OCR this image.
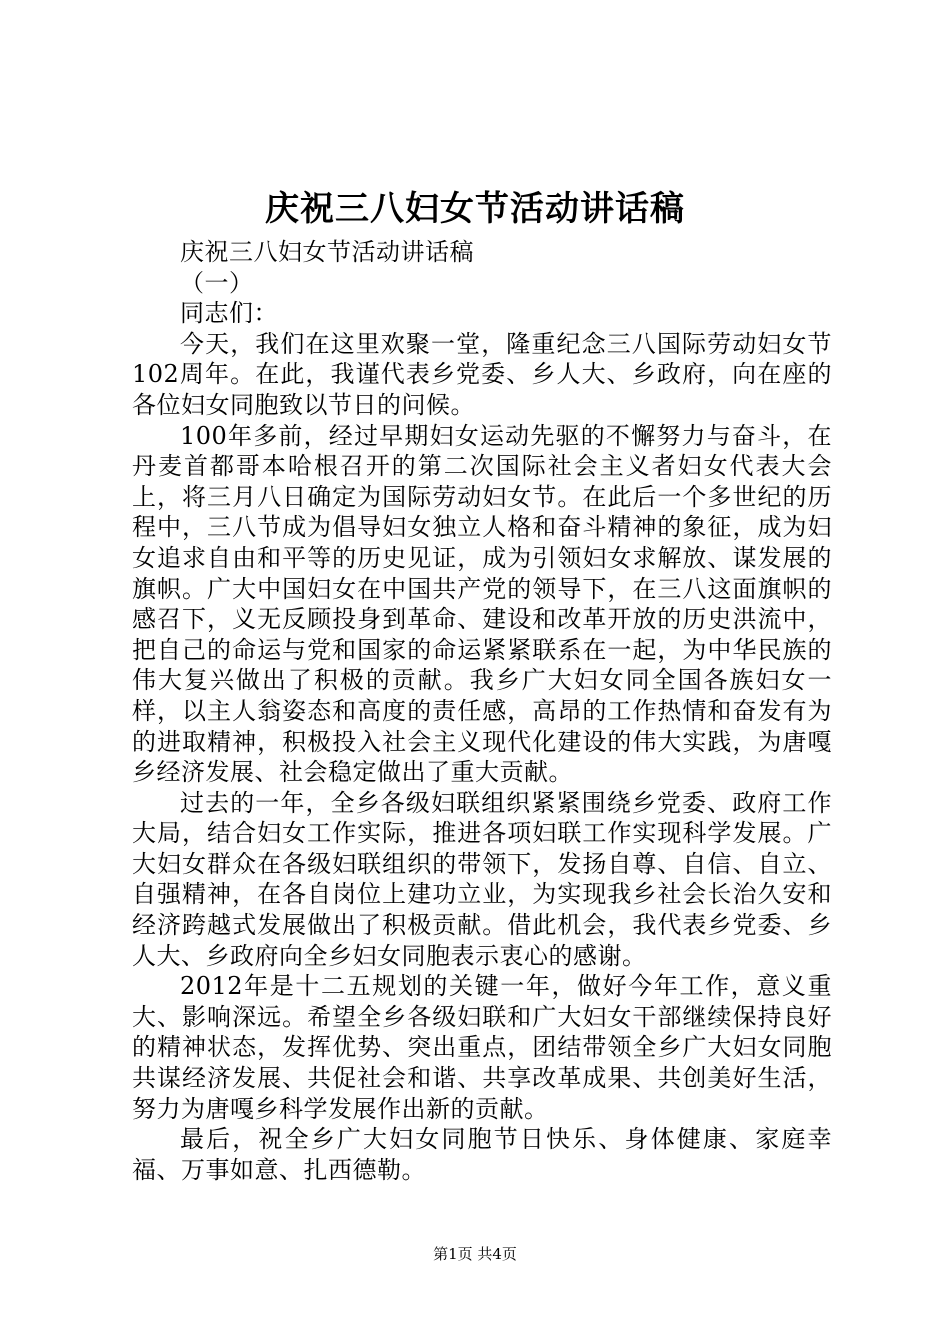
庆祝三八妇女节活动讲话稿

庆祝三八妇女节活动讲话稿

（一）

同志们：

今天，我们在这里欢聚一堂，隆重纪念三八国际劳动妇女节102周年。在此，我谨代表乡党委、乡人大、乡政府，向在座的各位妇女同胞致以节日的问候。

100年多前，经过早期妇女运动先驱的不懈努力与奋斗，在丹麦首都哥本哈根召开的第二次国际社会主义者妇女代表大会上，将三月八日确定为国际劳动妇女节。在此后一个多世纪的历程中，三八节成为倡导妇女独立人格和奋斗精神的象征，成为妇女追求自由和平等的历史见证，成为引领妇女求解放、谋发展的旗帜。广大中国妇女在中国共产党的领导下，在三八这面旗帜的感召下，义无反顾投身到革命、建设和改革开放的历史洪流中，把自己的命运与党和国家的命运紧紧联系在一起，为中华民族的伟大复兴做出了积极的贡献。我乡广大妇女同全国各族妇女一样，以主人翁姿态和高度的责任感，高昂的工作热情和奋发有为的进取精神，积极投入社会主义现代化建设的伟大实践，为唐嘎乡经济发展、社会稳定做出了重大贡献。

过去的一年，全乡各级妇联组织紧紧围绕乡党委、政府工作大局，结合妇女工作实际，推进各项妇联工作实现科学发展。广大妇女群众在各级妇联组织的带领下，发扬自尊、自信、自立、自强精神，在各自岗位上建功立业，为实现我乡社会长治久安和经济跨越式发展做出了积极贡献。借此机会，我代表乡党委、乡人大、乡政府向全乡妇女同胞表示衷心的感谢。

2012年是十二五规划的关键一年，做好今年工作，意义重大、影响深远。希望全乡各级妇联和广大妇女干部继续保持良好的精神状态，发挥优势、突出重点，团结带领全乡广大妇女同胞共谋经济发展、共促社会和谐、共享改革成果、共创美好生活，努力为唐嘎乡科学发展作出新的贡献。

最后，祝全乡广大妇女同胞节日快乐、身体健康、家庭幸福、万事如意、扎西德勒。

第1页 共4页
